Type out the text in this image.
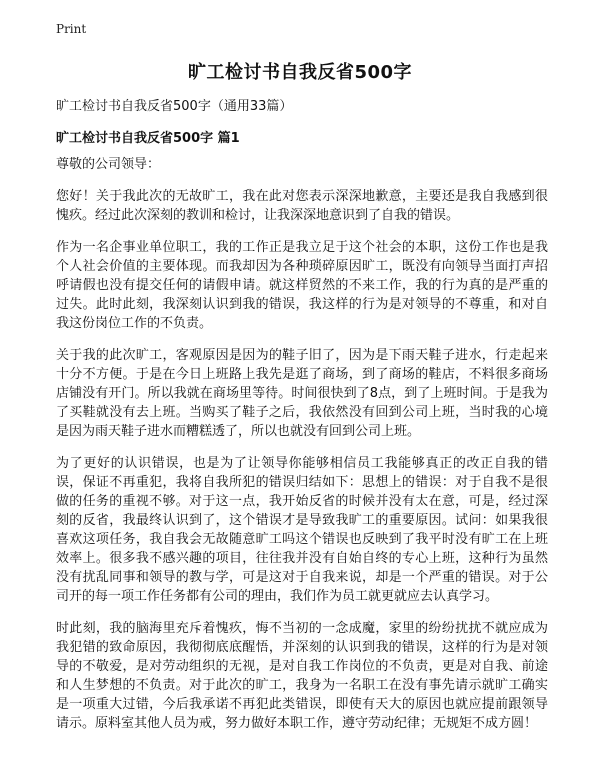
Print
旷工检讨书自我反省500字

旷工检讨书自我反省500字（通用33篇）

旷工检讨书自我反省500字 篇1

尊敬的公司领导：

您好！关于我此次的无故旷工，我在此对您表示深深地歉意，主要还是我自我感到很愧疚。经过此次深刻的教训和检讨，让我深深地意识到了自我的错误。

作为一名企事业单位职工，我的工作正是我立足于这个社会的本职，这份工作也是我个人社会价值的主要体现。而我却因为各种琐碎原因旷工，既没有向领导当面打声招呼请假也没有提交任何的请假申请。就这样贸然的不来工作，我的行为真的是严重的过失。此时此刻，我深刻认识到我的错误，我这样的行为是对领导的不尊重，和对自我这份岗位工作的不负责。

关于我的此次旷工，客观原因是因为的鞋子旧了，因为是下雨天鞋子进水，行走起来十分不方便。于是在今日上班路上我先是逛了商场，到了商场的鞋店，不料很多商场店铺没有开门。所以我就在商场里等待。时间很快到了8点，到了上班时间。于是我为了买鞋就没有去上班。当购买了鞋子之后，我依然没有回到公司上班，当时我的心境是因为雨天鞋子进水而糟糕透了，所以也就没有回到公司上班。

为了更好的认识错误，也是为了让领导你能够相信员工我能够真正的改正自我的错误，保证不再重犯，我将自我所犯的错误归结如下：思想上的错误：对于自我不是很做的任务的重视不够。对于这一点，我开始反省的时候并没有太在意，可是，经过深刻的反省，我最终认识到了，这个错误才是导致我旷工的重要原因。试问：如果我很喜欢这项任务，我自我会无故随意旷工吗这个错误也反映到了我平时没有旷工在上班效率上。很多我不感兴趣的项目，往往我并没有自始自终的专心上班，这种行为虽然没有扰乱同事和领导的教与学，可是这对于自我来说，却是一个严重的错误。对于公司开的每一项工作任务都有公司的理由，我们作为员工就更就应去认真学习。

时此刻，我的脑海里充斥着愧疚，悔不当初的一念成魔，家里的纷纷扰扰不就应成为我犯错的致命原因，我彻彻底底醒悟，并深刻的认识到我的错误，这样的行为是对领导的不敬爱，是对劳动组织的无视，是对自我工作岗位的不负责，更是对自我、前途和人生梦想的不负责。对于此次的旷工，我身为一名职工在没有事先请示就旷工确实是一项重大过错，今后我承诺不再犯此类错误，即使有天大的原因也就应提前跟领导请示。原料室其他人员为戒，努力做好本职工作，遵守劳动纪律；无规矩不成方圆！
